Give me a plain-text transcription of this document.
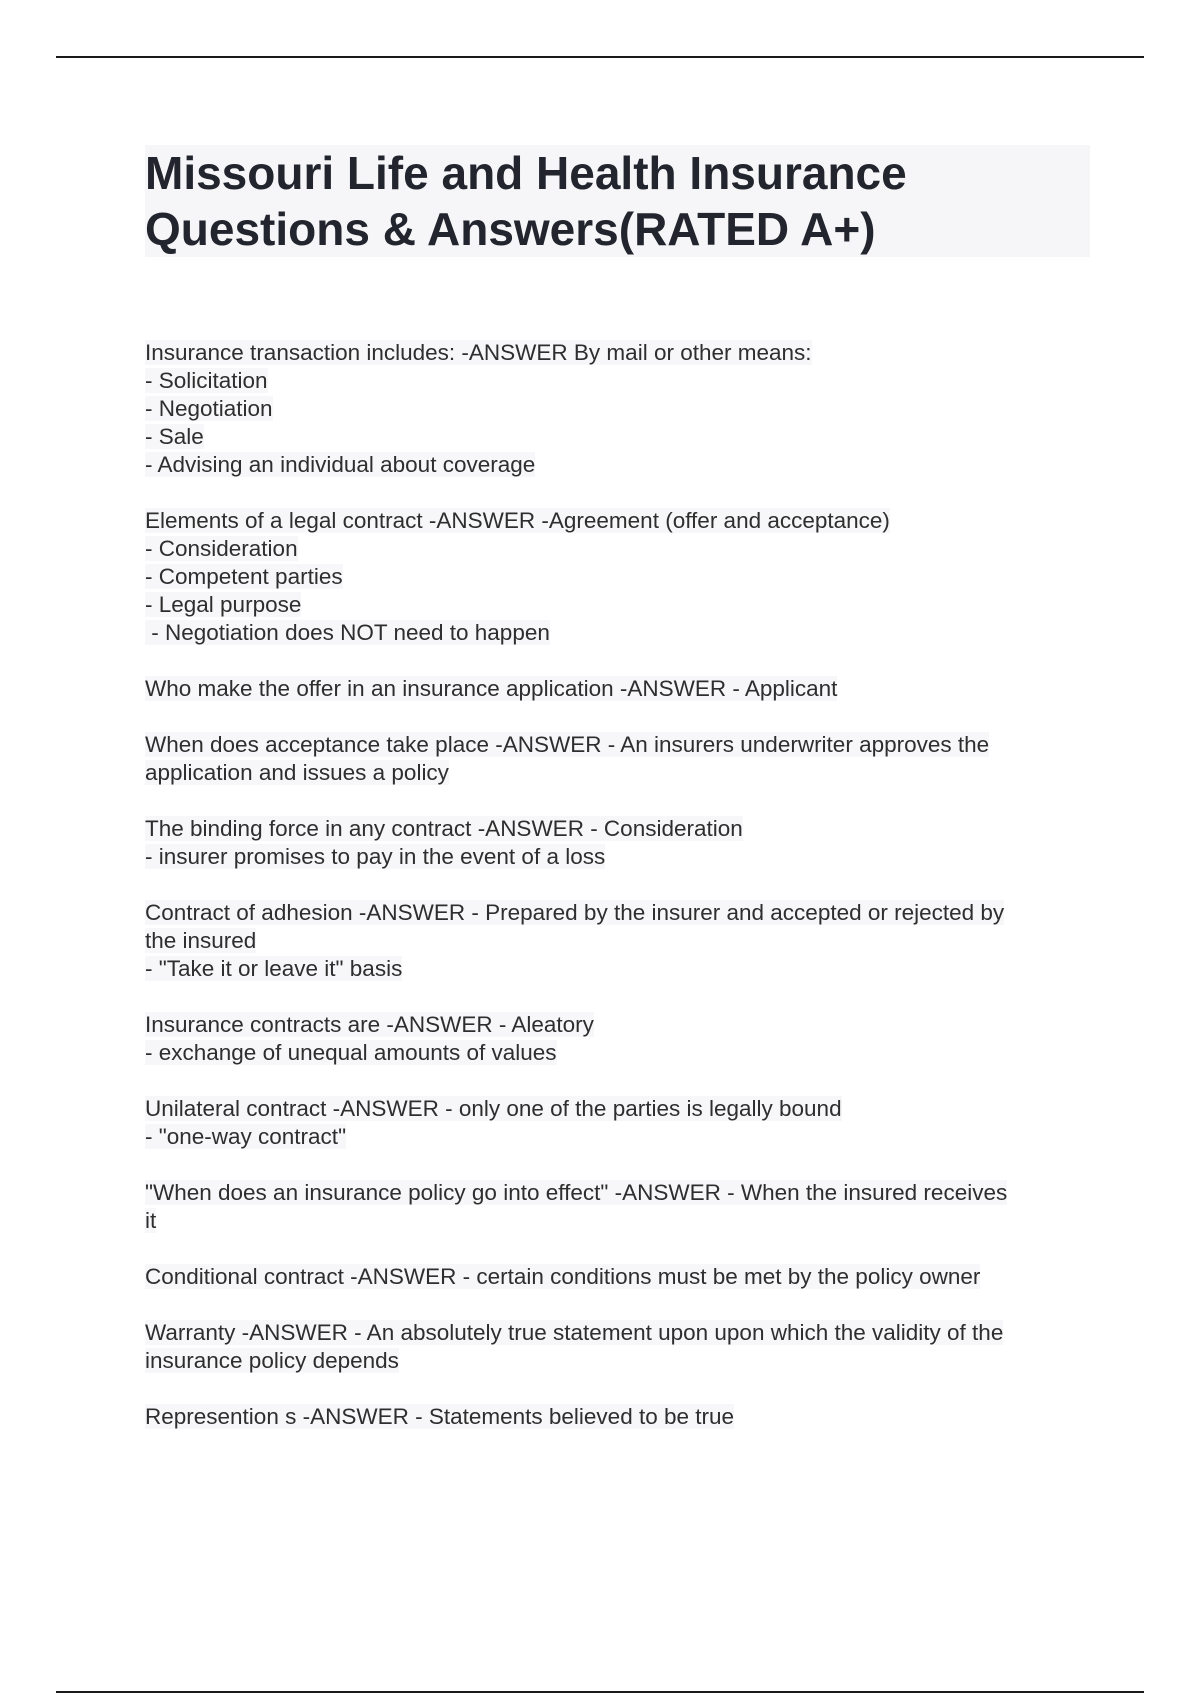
Missouri Life and Health Insurance
Questions & Answers(RATED A+)
Insurance transaction includes: -ANSWER By mail or other means:
- Solicitation
- Negotiation
- Sale
- Advising an individual about coverage
Elements of a legal contract -ANSWER -Agreement (offer and acceptance)
- Consideration
- Competent parties
- Legal purpose
- Negotiation does NOT need to happen
Who make the offer in an insurance application -ANSWER - Applicant
When does acceptance take place -ANSWER - An insurers underwriter approves the
application and issues a policy
The binding force in any contract -ANSWER - Consideration
- insurer promises to pay in the event of a loss
Contract of adhesion -ANSWER - Prepared by the insurer and accepted or rejected by
the insured
- "Take it or leave it" basis
Insurance contracts are -ANSWER - Aleatory
- exchange of unequal amounts of values
Unilateral contract -ANSWER - only one of the parties is legally bound
- "one-way contract"
"When does an insurance policy go into effect" -ANSWER - When the insured receives
it
Conditional contract -ANSWER - certain conditions must be met by the policy owner
Warranty -ANSWER - An absolutely true statement upon upon which the validity of the
insurance policy depends
Represention s -ANSWER - Statements believed to be true
